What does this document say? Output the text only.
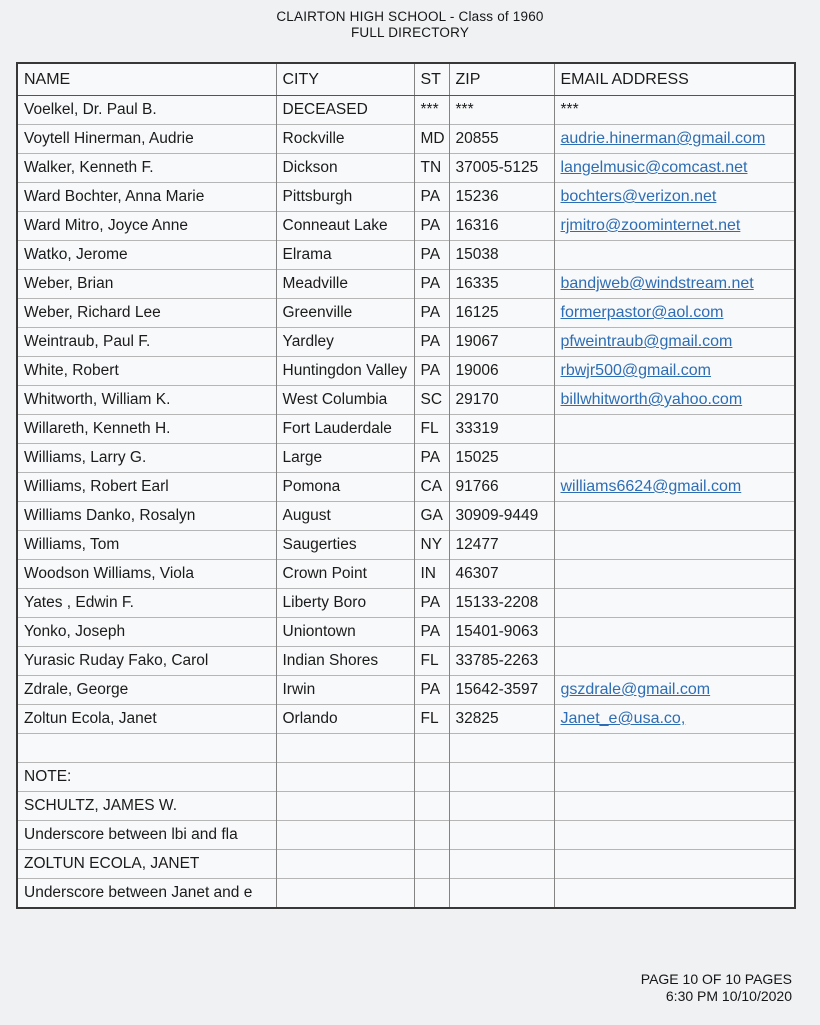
CLAIRTON HIGH SCHOOL - Class of 1960
FULL DIRECTORY
NAME	CITY	ST	ZIP	EMAIL ADDRESS
Voelkel, Dr. Paul B.	DECEASED	***	***	***
Voytell Hinerman, Audrie	Rockville	MD	20855	audrie.hinerman@gmail.com
Walker, Kenneth F.	Dickson	TN	37005-5125	langelmusic@comcast.net
Ward Bochter, Anna Marie	Pittsburgh	PA	15236	bochters@verizon.net
Ward Mitro, Joyce Anne	Conneaut Lake	PA	16316	rjmitro@zoominternet.net
Watko, Jerome	Elrama	PA	15038	
Weber, Brian	Meadville	PA	16335	bandjweb@windstream.net
Weber, Richard Lee	Greenville	PA	16125	formerpastor@aol.com
Weintraub, Paul F.	Yardley	PA	19067	pfweintraub@gmail.com
White, Robert	Huntingdon Valley	PA	19006	rbwjr500@gmail.com
Whitworth, William K.	West Columbia	SC	29170	billwhitworth@yahoo.com
Willareth, Kenneth H.	Fort Lauderdale	FL	33319	
Williams, Larry G.	Large	PA	15025	
Williams, Robert Earl	Pomona	CA	91766	williams6624@gmail.com
Williams Danko, Rosalyn	August	GA	30909-9449	
Williams, Tom	Saugerties	NY	12477	
Woodson Williams, Viola	Crown Point	IN	46307	
Yates , Edwin F.	Liberty Boro	PA	15133-2208	
Yonko, Joseph	Uniontown	PA	15401-9063	
Yurasic Ruday Fako, Carol	Indian Shores	FL	33785-2263	
Zdrale, George	Irwin	PA	15642-3597	gszdrale@gmail.com
Zoltun Ecola, Janet	Orlando	FL	32825	Janet_e@usa.co,

NOTE:				
SCHULTZ, JAMES W.				
Underscore between lbi and fla				
ZOLTUN ECOLA, JANET				
Underscore between Janet and e				
PAGE 10 OF 10 PAGES
6:30 PM 10/10/2020
